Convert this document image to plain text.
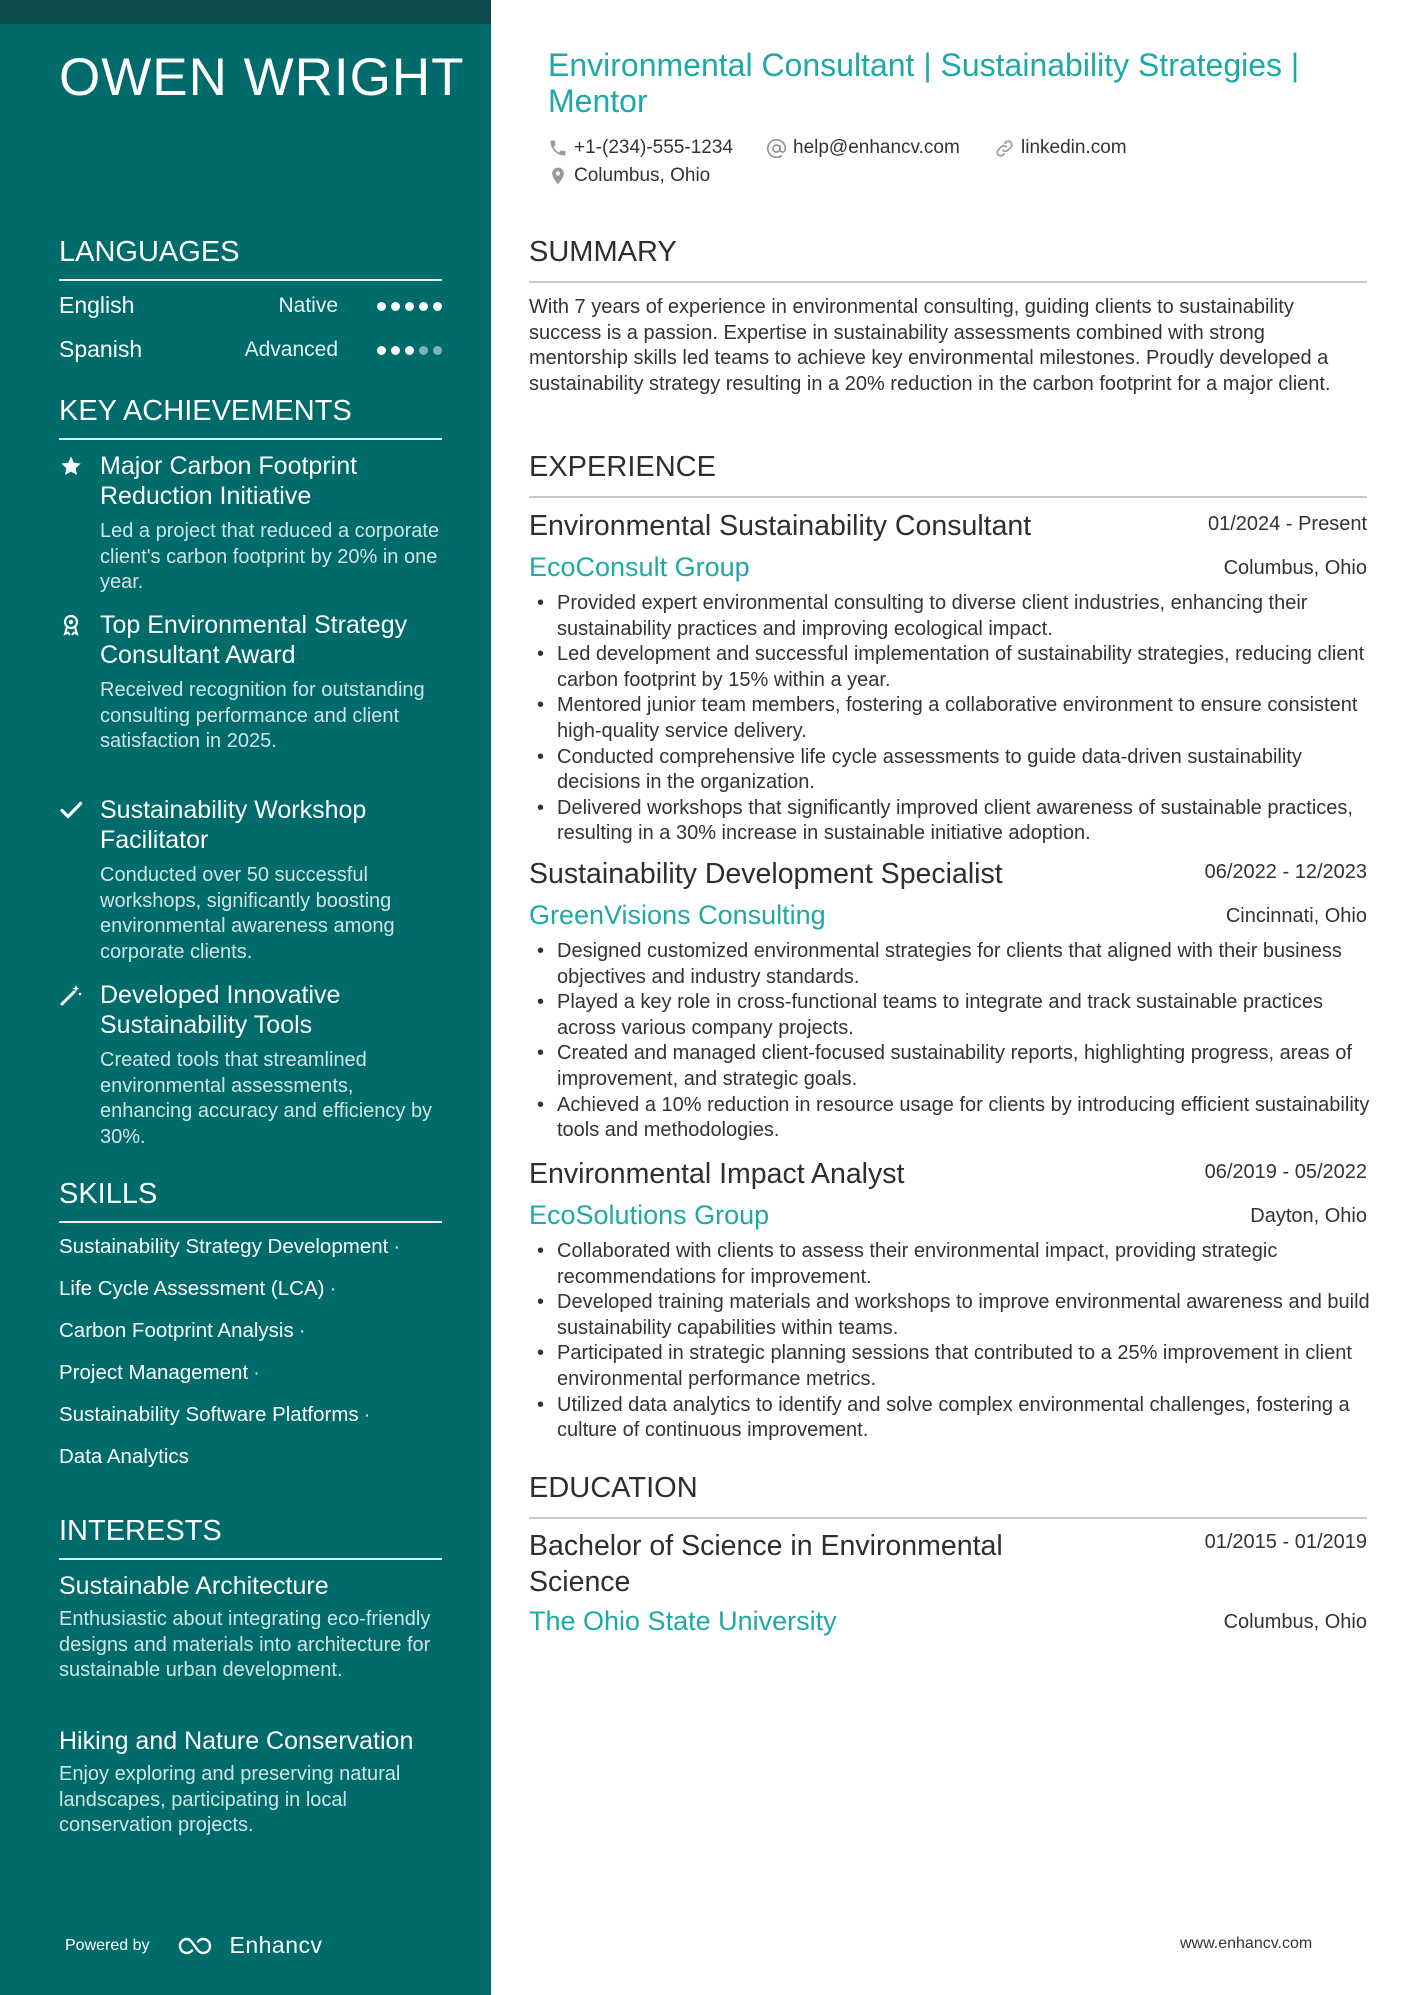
OWEN WRIGHT
LANGUAGES
English	Native
Spanish	Advanced
KEY ACHIEVEMENTS
Major Carbon Footprint Reduction Initiative
Led a project that reduced a corporate client's carbon footprint by 20% in one year.
Top Environmental Strategy Consultant Award
Received recognition for outstanding consulting performance and client satisfaction in 2025.
Sustainability Workshop Facilitator
Conducted over 50 successful workshops, significantly boosting environmental awareness among corporate clients.
Developed Innovative Sustainability Tools
Created tools that streamlined environmental assessments, enhancing accuracy and efficiency by 30%.
SKILLS
Sustainability Strategy Development ·
Life Cycle Assessment (LCA) ·
Carbon Footprint Analysis ·
Project Management ·
Sustainability Software Platforms ·
Data Analytics
INTERESTS
Sustainable Architecture
Enthusiastic about integrating eco-friendly designs and materials into architecture for sustainable urban development.
Hiking and Nature Conservation
Enjoy exploring and preserving natural landscapes, participating in local conservation projects.
Powered by	Enhancv
Environmental Consultant | Sustainability Strategies | Mentor
+1-(234)-555-1234	help@enhancv.com	linkedin.com
Columbus, Ohio
SUMMARY
With 7 years of experience in environmental consulting, guiding clients to sustainability success is a passion. Expertise in sustainability assessments combined with strong mentorship skills led teams to achieve key environmental milestones. Proudly developed a sustainability strategy resulting in a 20% reduction in the carbon footprint for a major client.
EXPERIENCE
Environmental Sustainability Consultant	01/2024 - Present
EcoConsult Group	Columbus, Ohio
• Provided expert environmental consulting to diverse client industries, enhancing their sustainability practices and improving ecological impact.
• Led development and successful implementation of sustainability strategies, reducing client carbon footprint by 15% within a year.
• Mentored junior team members, fostering a collaborative environment to ensure consistent high-quality service delivery.
• Conducted comprehensive life cycle assessments to guide data-driven sustainability decisions in the organization.
• Delivered workshops that significantly improved client awareness of sustainable practices, resulting in a 30% increase in sustainable initiative adoption.
Sustainability Development Specialist	06/2022 - 12/2023
GreenVisions Consulting	Cincinnati, Ohio
• Designed customized environmental strategies for clients that aligned with their business objectives and industry standards.
• Played a key role in cross-functional teams to integrate and track sustainable practices across various company projects.
• Created and managed client-focused sustainability reports, highlighting progress, areas of improvement, and strategic goals.
• Achieved a 10% reduction in resource usage for clients by introducing efficient sustainability tools and methodologies.
Environmental Impact Analyst	06/2019 - 05/2022
EcoSolutions Group	Dayton, Ohio
• Collaborated with clients to assess their environmental impact, providing strategic recommendations for improvement.
• Developed training materials and workshops to improve environmental awareness and build sustainability capabilities within teams.
• Participated in strategic planning sessions that contributed to a 25% improvement in client environmental performance metrics.
• Utilized data analytics to identify and solve complex environmental challenges, fostering a culture of continuous improvement.
EDUCATION
Bachelor of Science in Environmental Science
01/2015 - 01/2019
The Ohio State University	Columbus, Ohio
www.enhancv.com
